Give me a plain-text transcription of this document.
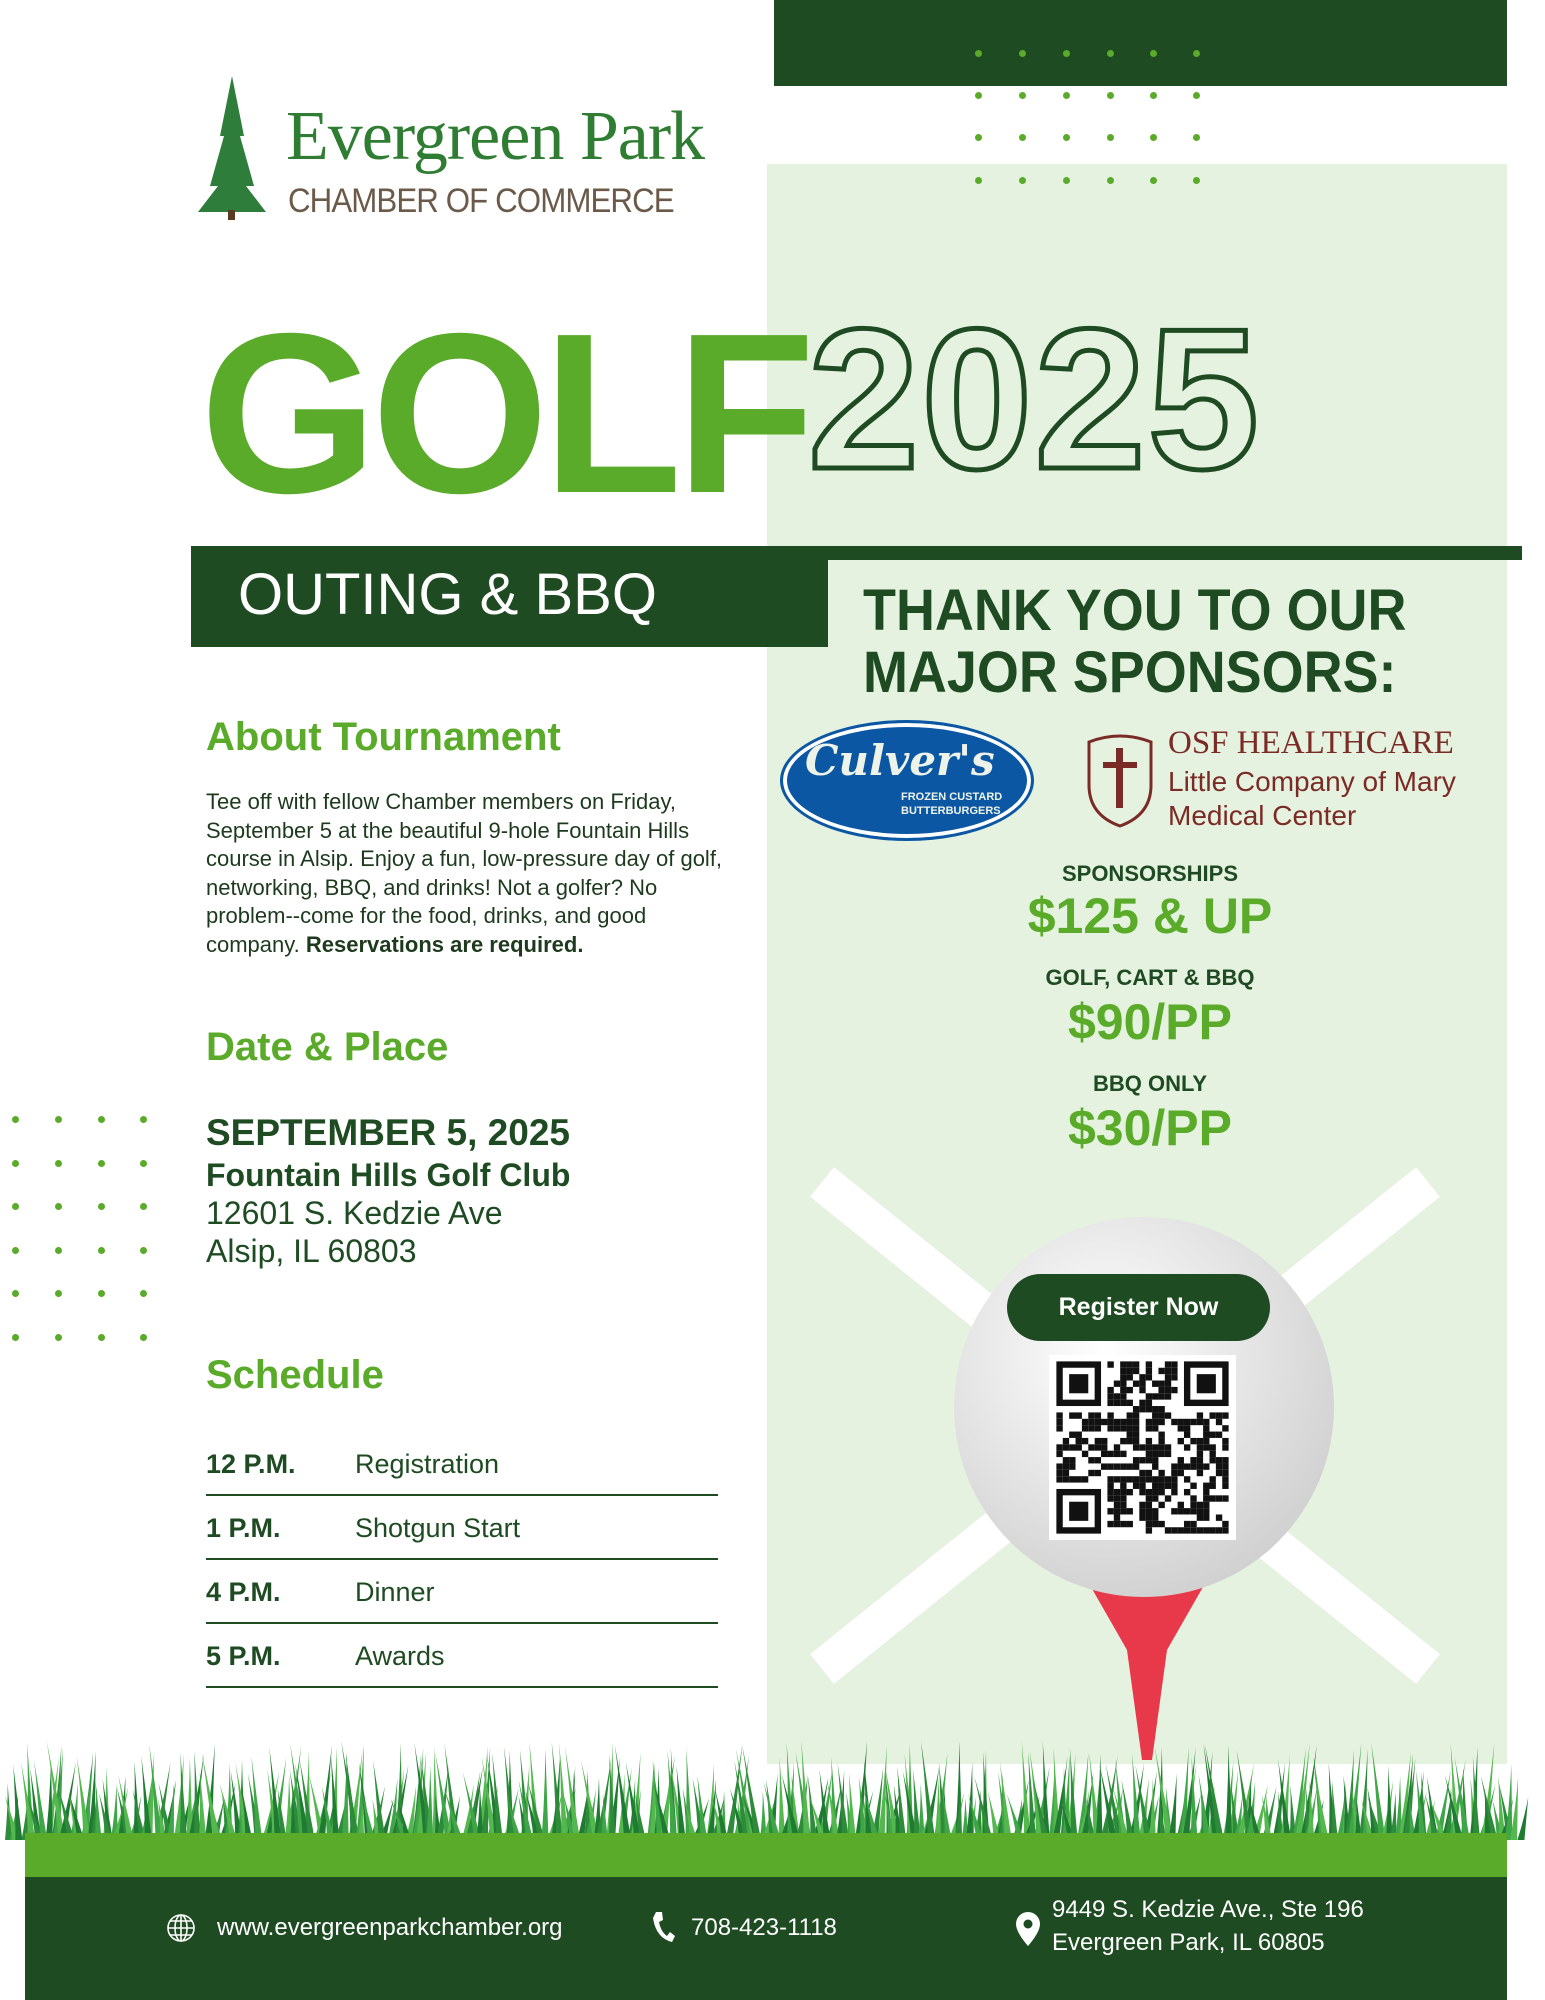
Evergreen Park
CHAMBER OF COMMERCE
GOLF
2025
OUTING & BBQ	THANK YOU TO OUR
MAJOR SPONSORS:
About Tournament
Tee off with fellow Chamber members on Friday, September 5 at the beautiful 9-hole Fountain Hills course in Alsip. Enjoy a fun, low-pressure day of golf, networking, BBQ, and drinks! Not a golfer? No problem--come for the food, drinks, and good company. Reservations are required.
Date & Place
SEPTEMBER 5, 2025
Fountain Hills Golf Club
12601 S. Kedzie Ave
Alsip, IL 60803
Schedule
12 P.M. Registration
1 P.M.	Shotgun Start
4 P.M.	Dinner
5 P.M.	Awards
Culver's
FROZEN CUSTARD
BUTTERBURGERS
OSF HEALTHCARE
Little Company of Mary
Medical Center
SPONSORSHIPS
$125 & UP
GOLF, CART & BBQ
$90/PP
BBQ ONLY
$30/PP
Register Now
www.evergreenparkchamber.org	708-423-1118
9449 S. Kedzie Ave., Ste 196
Evergreen Park, IL 60805
